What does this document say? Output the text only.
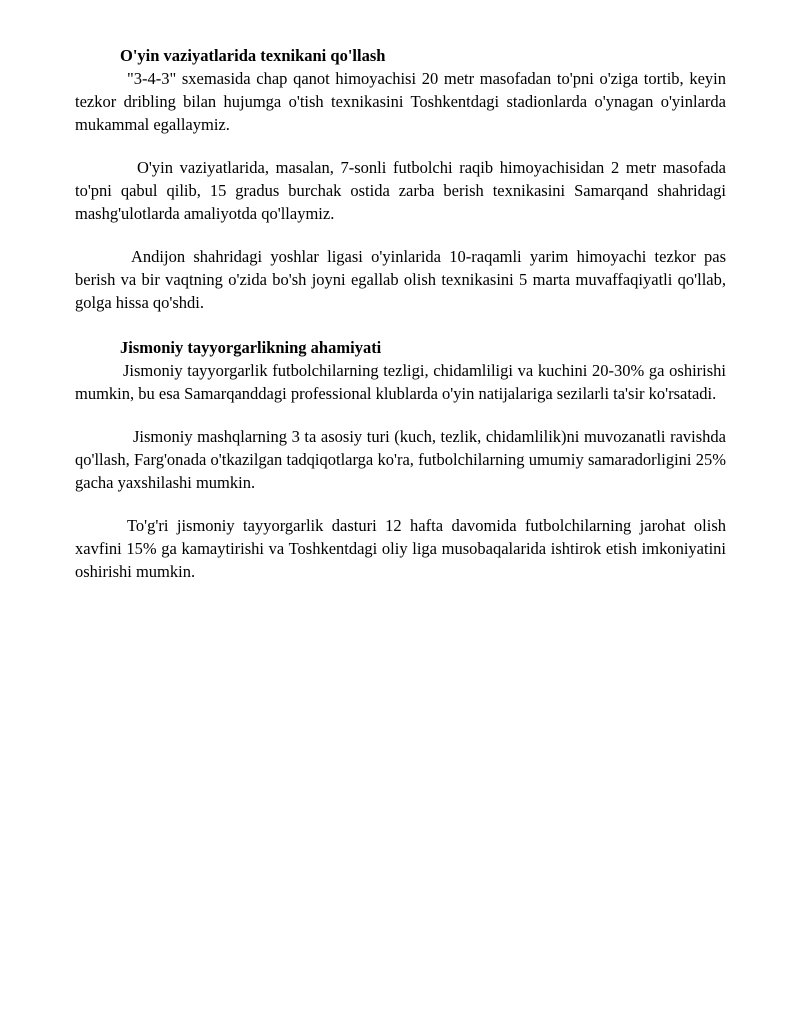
O'yin vaziyatlarida texnikani qo'llash

"3-4-3" sxemasida chap qanot himoyachisi 20 metr masofadan to'pni o'ziga tortib, keyin tezkor dribling bilan hujumga o'tish texnikasini Toshkentdagi stadionlarda o'ynagan o'yinlarda mukammal egallaymiz.

O'yin vaziyatlarida, masalan, 7-sonli futbolchi raqib himoyachisidan 2 metr masofada to'pni qabul qilib, 15 gradus burchak ostida zarba berish texnikasini Samarqand shahridagi mashg'ulotlarda amaliyotda qo'llaymiz.

Andijon shahridagi yoshlar ligasi o'yinlarida 10-raqamli yarim himoyachi tezkor pas berish va bir vaqtning o'zida bo'sh joyni egallab olish texnikasini 5 marta muvaffaqiyatli qo'llab, golga hissa qo'shdi.

Jismoniy tayyorgarlikning ahamiyati

Jismoniy tayyorgarlik futbolchilarning tezligi, chidamliligi va kuchini 20-30% ga oshirishi mumkin, bu esa Samarqanddagi professional klublarda o'yin natijalariga sezilarli ta'sir ko'rsatadi.

Jismoniy mashqlarning 3 ta asosiy turi (kuch, tezlik, chidamlilik)ni muvozanatli ravishda qo'llash, Farg'onada o'tkazilgan tadqiqotlarga ko'ra, futbolchilarning umumiy samaradorligini 25% gacha yaxshilashi mumkin.

To'g'ri jismoniy tayyorgarlik dasturi 12 hafta davomida futbolchilarning jarohat olish xavfini 15% ga kamaytirishi va Toshkentdagi oliy liga musobaqalarida ishtirok etish imkoniyatini oshirishi mumkin.
